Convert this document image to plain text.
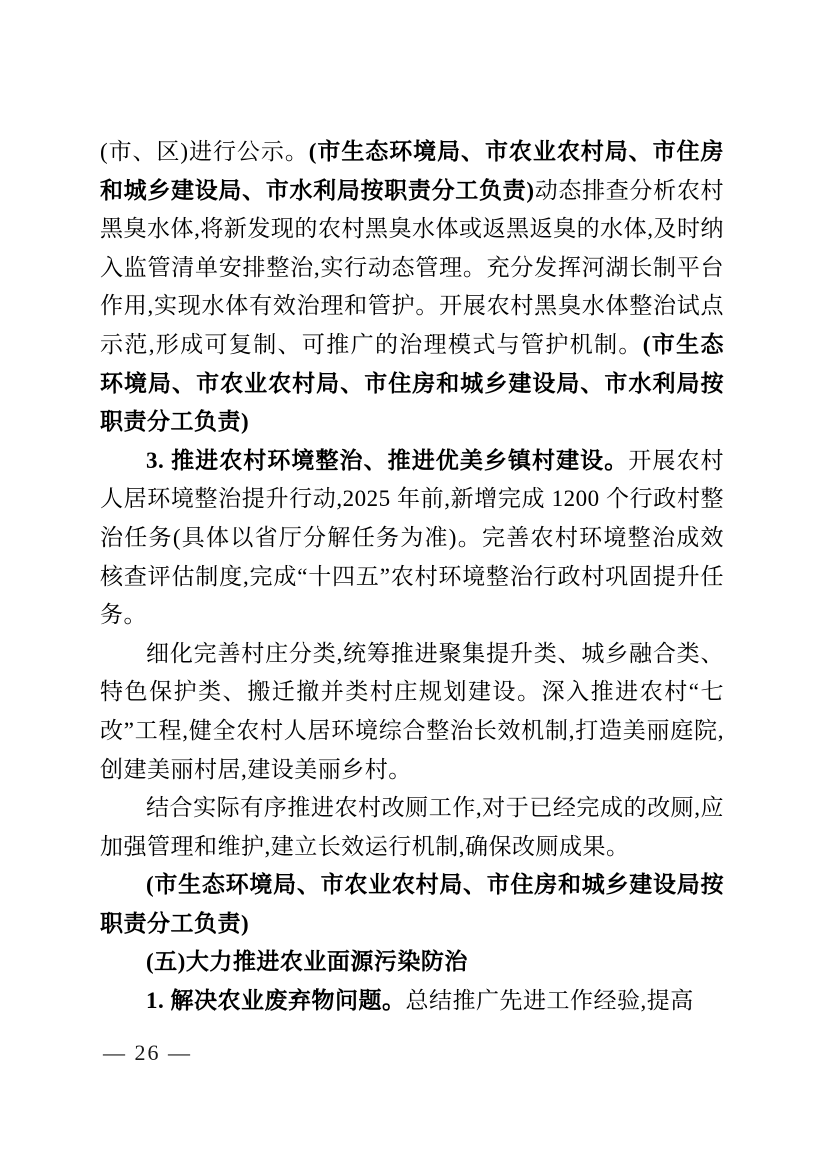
(市、区)进行公示。(市生态环境局、市农业农村局、市住房和城乡建设局、市水利局按职责分工负责)动态排查分析农村黑臭水体,将新发现的农村黑臭水体或返黑返臭的水体,及时纳入监管清单安排整治,实行动态管理。充分发挥河湖长制平台作用,实现水体有效治理和管护。开展农村黑臭水体整治试点示范,形成可复制、可推广的治理模式与管护机制。(市生态环境局、市农业农村局、市住房和城乡建设局、市水利局按职责分工负责)

3. 推进农村环境整治、推进优美乡镇村建设。开展农村人居环境整治提升行动,2025 年前,新增完成 1200 个行政村整治任务(具体以省厅分解任务为准)。完善农村环境整治成效核查评估制度,完成“十四五”农村环境整治行政村巩固提升任务。

细化完善村庄分类,统筹推进聚集提升类、城乡融合类、特色保护类、搬迁撤并类村庄规划建设。深入推进农村“七改”工程,健全农村人居环境综合整治长效机制,打造美丽庭院,创建美丽村居,建设美丽乡村。

结合实际有序推进农村改厕工作,对于已经完成的改厕,应加强管理和维护,建立长效运行机制,确保改厕成果。

(市生态环境局、市农业农村局、市住房和城乡建设局按职责分工负责)

(五)大力推进农业面源污染防治

1. 解决农业废弃物问题。总结推广先进工作经验,提高

— 26 —
